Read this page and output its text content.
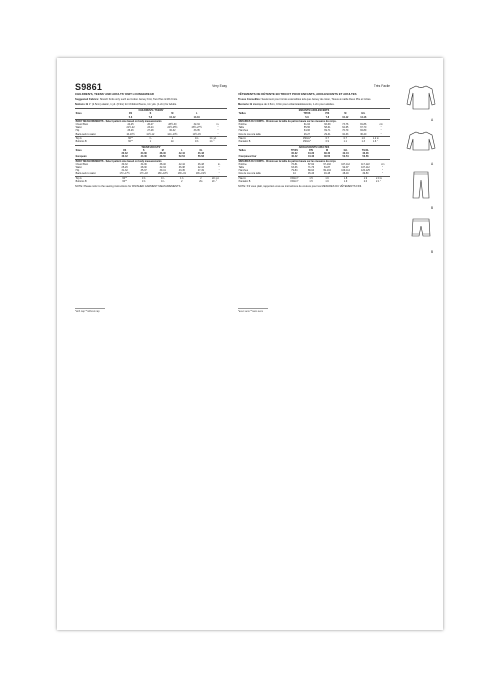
S9861	Very Easy
CHILDREN'S, TEENS' AND ADULTS' KNIT LOUNGEWEAR
Suggested Fabrics: Stretch Knits only such as Cotton Jersey Knit, Two Plus & Rib Knits.
Notions: B 1" (2.5cm) elastic, 1 yd. (0.9m) for Children/Teens, 1¼ yds. (1.2m) for Adults.
CHILDREN'S / TEENS'					
Sizes	XS	S	M	L	
	5-6	7-8	10-12	14-16	
BODY MEASUREMENTS - Select pattern size based on body measurements					
Chest/ Bust	24-25	26-27	28½-30	32-34	in.
Waist	21½-22	23-24	24½-25½	26½-27½	"
Hip	25-26	27-28	30-32	33-35	"
Back-neck to waist	10-10½	11½-12	12¾-13½	14½-15	"
Top A	60"*	¾	1	1⅛	1¼ yd.
Bottoms B	60"*	1	1¼	1⅜	1¾ "
TEENS'/ADULTS'						
Sizes	XS	S	M	L	XL	
	30-32	34-36	38-40	42-44	46-48	
European	40-42	44-46	48-50	52-54	56-58	
BODY MEASUREMENTS - Select pattern size based on body measurements						
Chest/ Bust	30-32	34-36	38-40	42-44	46-48	in.
Waist	25-26	28-30	32-34	36-38	42-44	"
Hip	31-32	35-37	39-41	43-45	47-49	"
Back-neck to waist	17¼-17½	17¾-18	18¼-18½	18¾-19	19¼-19½	"
Top A	60"*	1⅝	1¾	1⅞	2	2⅛ yd.
Bottoms B	60"*	1⅝	1¾	2	2⅛	2¼ "
NOTE: Please refer to the sewing instructions for FINISHED GARMENT MEASUREMENTS.
Très Facile
VÊTEMENTS DE DÉTENTE EN TRICOT POUR ENFANTS, ADOLESCENTS ET ADULTES
Tissus Conseillés: Seulement pour tricots extensibles tels que Jersey de coton, Tissus à maille Deux Plis et Côtes.
Mercerie: B élastique de 2.5cm, 0.9m pour enfants/adolescents, 1.2m pour adultes.
ENFANTS/ ADOLESCENTS					
Tailles	TP/XS	P/S	M	G/L	
	5-6	7-8	10-12	14-16	
MESURES DU CORPS - Choisissez la taille du patron basée sur les mesures du corps.					
Poitrine	61-64	66-69	73-76	81-86	cm
Taille	55-56	58-61	62-65	67-70	"
Hanches	64-66	69-71	76-79	84-89	"
Dos du cou à la taille	26-27	29-31	32-33	36-40	"
Haut A	150cm*	0.7	0.7	1.0	1.2 m
Pantalon B	150cm*	0.9	1.1	1.3	1.6 "
ADOLESCENTS/ ADULTES						
Tailles	TP/XS	P/S	M	G/L	TG/XL	
	30-32	34-36	38-40	42-44	46-48	
Françaises/ Eur	40-42	44-46	48-50	52-54	56-58	
MESURES DU CORPS - Choisissez la taille du patron basée sur les mesures du corps						
Poitrine	76-81	87-92	97-102	107-112	117-122	cm
Taille	63-66	71-76	81-87	92-97	107-112	"
Hanches	79-84	89-94	99-104	109-114	120-125	"
Dos du cou à la taille	44	45-46	46-48	48-49	49-50	"
Haut A	150cm*	1.5	1.6	1.8	1.9	2.0 m
Pantalon B	150cm*	1.5	1.6	1.9	2.0	2.1 "
NOTE: S'il vous plaît, rapportez-vous au instructions de couture pour les MESURES DU VÊTEMENTS FINI.
*with nap **without nap	*avec sens **sans sens
A
A
B
B
